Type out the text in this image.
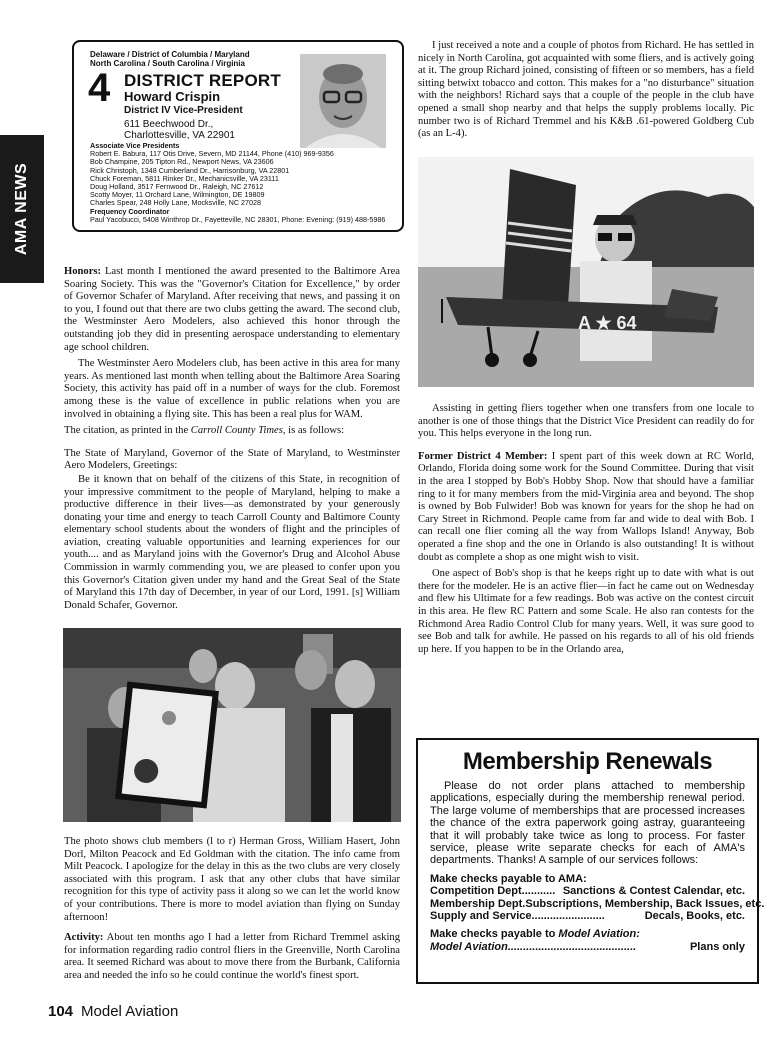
AMA NEWS
Delaware / District of Columbia / Maryland
North Carolina / South Carolina / Virginia
4 DISTRICT REPORT
Howard Crispin
District IV Vice-President
611 Beechwood Dr.,
Charlottesville, VA 22901
Associate Vice Presidents
Robert E. Babura, 117 Otis Drive, Severn, MD 21144, Phone (410) 969-9356
Bob Champine, 205 Tipton Rd., Newport News, VA 23606
Rick Christoph, 1348 Cumberland Dr., Harrisonburg, VA 22801
Chuck Foreman, 5811 Rinker Dr., Mechanicsville, VA 23111
Doug Holland, 3517 Fernwood Dr., Raleigh, NC 27612
Scotty Moyer, 11 Orchard Lane, Wilmington, DE 19809
Charles Spear, 248 Holly Lane, Mocksville, NC 27028
Frequency Coordinator
Paul Yacobucci, 5408 Winthrop Dr., Fayetteville, NC 28301, Phone: Evening: (919) 488-5986

Honors: Last month I mentioned the award presented to the Baltimore Area Soaring Society. This was the "Governor's Citation for Excellence," by order of Governor Schafer of Maryland. After receiving that news, and passing it on to you, I found out that there are two clubs getting the award. The second club, the Westminster Aero Modelers, also achieved this honor through the outstanding job they did in presenting aerospace understanding to elementary age school children.

The Westminster Aero Modelers club, has been active in this area for many years. As mentioned last month when telling about the Baltimore Area Soaring Society, this activity has paid off in a number of ways for the club. Foremost among these is the value of excellence in public relations when you are involved in obtaining a flying site. This has been a real plus for WAM.

The citation, as printed in the Carroll County Times, is as follows:

The State of Maryland, Governor of the State of Maryland, to Westminster Aero Modelers, Greetings:

Be it known that on behalf of the citizens of this State, in recognition of your impressive commitment to the people of Maryland, helping to make a productive difference in their lives—as demonstrated by your generously donating your time and energy to teach Carroll County and Baltimore County elementary school students about the wonders of flight and the principles of aviation, creating valuable opportunities and learning experiences for our youth.... and as Maryland joins with the Governor's Drug and Alcohol Abuse Commission in warmly commending you, we are pleased to confer upon you this Governor's Citation given under my hand and the Great Seal of the State of Maryland this 17th day of December, in year of our Lord, 1991. [s] William Donald Schafer, Governor.

The photo shows club members (l to r) Herman Gross, William Hasert, John Dorl, Milton Peacock and Ed Goldman with the citation. The info came from Milt Peacock. I apologize for the delay in this as the two clubs are very closely associated with this program. I ask that any other clubs that have similar recognition for this type of activity pass it along so we can let the world know of your contributions. There is more to model aviation than flying on Sunday afternoon!

Activity: About ten months ago I had a letter from Richard Tremmel asking for information regarding radio control fliers in the Greenville, North Carolina area. It seemed Richard was about to move there from the Burbank, California area and needed the info so he could continue the world's finest sport.

I just received a note and a couple of photos from Richard. He has settled in nicely in North Carolina, got acquainted with some fliers, and is actively going at it. The group Richard joined, consisting of fifteen or so members, has a field sitting betwixt tobacco and cotton. This makes for a "no disturbance" situation with the neighbors! Richard says that a couple of the people in the club have opened a small shop nearby and that helps the supply problems locally. Pic number two is of Richard Tremmel and his K&B .61-powered Goldberg Cub (as an L-4).

A ★ 64

Assisting in getting fliers together when one transfers from one locale to another is one of those things that the District Vice President can readily do for you. This helps everyone in the long run.

Former District 4 Member: I spent part of this week down at RC World, Orlando, Florida doing some work for the Sound Committee. During that visit in the area I stopped by Bob's Hobby Shop. Now that should have a familiar ring to it for many members from the mid-Virginia area and beyond. The shop is owned by Bob Fulwider! Bob was known for years for the shop he had on Cary Street in Richmond. People came from far and wide to deal with Bob. I can recall one flier coming all the way from Wallops Island! Anyway, Bob operated a fine shop and the one in Orlando is also outstanding! It is without doubt as complete a shop as one might wish to visit.

One aspect of Bob's shop is that he keeps right up to date with what is out there for the modeler. He is an active flier—in fact he came out on Wednesday and flew his Ultimate for a few readings. Bob was active on the contest circuit in this area. He flew RC Pattern and some Scale. He also ran contests for the Richmond Area Radio Control Club for many years. Well, it was sure good to see Bob and talk for awhile. He passed on his regards to all of his old friends up here. If you happen to be in the Orlando area,

Membership Renewals

Please do not order plans attached to membership applications, especially during the membership renewal period. The large volume of memberships that are processed increases the chance of the extra paperwork going astray, guaranteeing that it will probably take twice as long to process. For faster service, please write separate checks for each of AMA's departments. Thanks! A sample of our services follows:

Make checks payable to AMA:
Competition Dept........... Sanctions & Contest Calendar, etc.
Membership Dept. Subscriptions, Membership, Back Issues, etc.
Supply and Service........................	Decals, Books, etc.
Make checks payable to Model Aviation:
Model Aviation..........................................	Plans only
104 Model Aviation
